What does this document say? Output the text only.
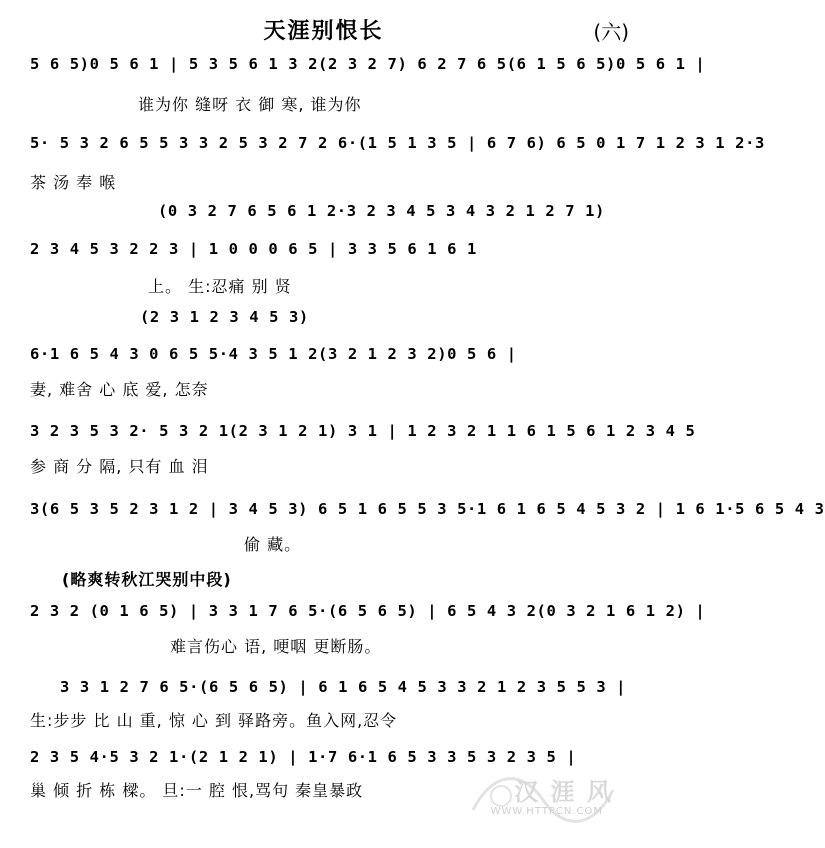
天涯别恨长	(六)
5 6 5)0 5 6 1 | 5 3 5 6 1 3 2(2 3 2 7) 6 2 7 6 5(6 1 5 6 5)0 5 6 1 |
谁为你 缝呀 衣 御 寒, 谁为你
5· 5 3 2 6 5 5 3 3 2 5 3 2 7 2 6·(1 5 1 3 5 | 6 7 6) 6 5 0 1 7 1 2 3 1 2·3
茶 汤 奉 喉
(0 3 2 7 6 5 6 1 2·3 2 3 4 5 3 4 3 2 1 2 7 1)
2 3 4 5 3 2 2 3 | 1 0 0 0 6 5 | 3 3 5 6 1 6 1
上。 生:忍痛 别 贤
(2 3 1 2 3 4 5 3)
6·1 6 5 4 3 0 6 5 5·4 3 5 1 2(3 2 1 2 3 2)0 5 6 |
妻, 难舍 心 底 爱, 怎奈
3 2 3 5 3 2· 5 3 2 1(2 3 1 2 1) 3 1 | 1 2 3 2 1 1 6 1 5 6 1 2 3 4 5
参 商 分 隔, 只有 血 泪
3(6 5 3 5 2 3 1 2 | 3 4 5 3) 6 5 1 6 5 5 3 5·1 6 1 6 5 4 5 3 2 | 1 6 1·5 6 5 4 3
偷 藏。
(略爽转秋江哭别中段)
2 3 2 (0 1 6 5) | 3 3 1 7 6 5·(6 5 6 5) | 6 5 4 3 2(0 3 2 1 6 1 2) |
难言伤心 语, 哽咽 更断肠。
3 3 1 2 7 6 5·(6 5 6 5) | 6 1 6 5 4 5 3 3 2 1 2 3 5 5 3 |
生:步步 比 山 重, 惊 心 到 驿路旁。鱼入网,忍令
2 3 5 4·5 3 2 1·(2 1 2 1) | 1·7 6·1 6 5 3 3 5 3 2 3 5 |
巢 倾 折 栋 樑。 旦:一 腔 恨,骂句 秦皇暴政	汉 涯 风
WWW.HTTPCN.COM
